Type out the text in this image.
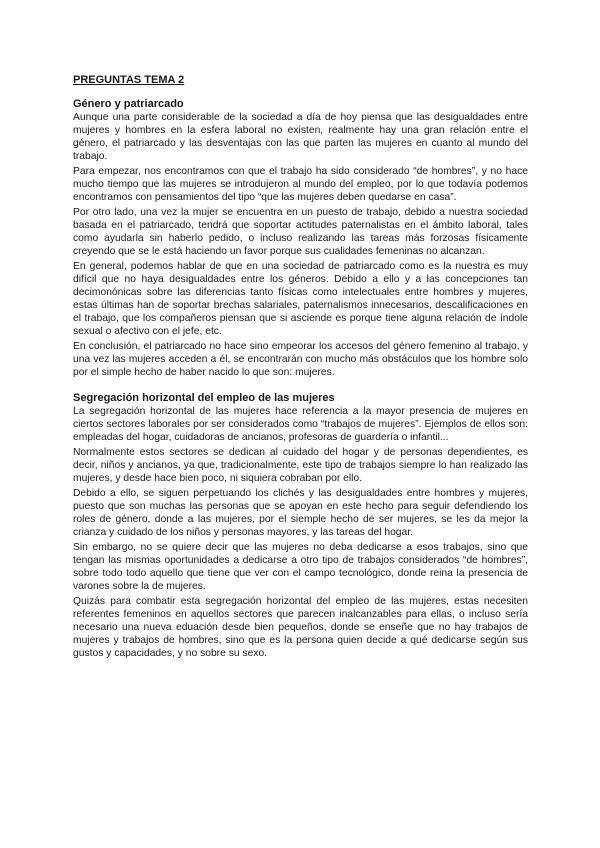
PREGUNTAS TEMA 2
Género y patriarcado

Aunque una parte considerable de la sociedad a día de hoy piensa que las desigualdades entre mujeres y hombres en la esfera laboral no existen, realmente hay una gran relación entre el género, el patriarcado y las desventajas con las que parten las mujeres en cuanto al mundo del trabajo.

Para empezar, nos encontramos con que el trabajo ha sido considerado “de hombres”, y no hace mucho tiempo que las mujeres se introdujeron al mundo del empleo, por lo que todavía podemos encontramos con pensamientos del tipo “que las mujeres deben quedarse en casa”.

Por otro lado, una vez la mujer se encuentra en un puesto de trabajo, debido a nuestra sociedad basada en el patriarcado, tendrá que soportar actitudes paternalistas en el ámbito laboral, tales como ayudarla sin haberlo pedido, o incluso realizando las tareas más forzosas físicamente creyendo que se le está haciendo un favor porque sus cualidades femeninas no alcanzan.

En general, podemos hablar de que en una sociedad de patriarcado como es la nuestra es muy difícil que no haya desigualdades entre los géneros. Debido a ello y a las concepciones tan decimonónicas sobre las diferencias tanto físicas como intelectuales entre hombres y mujeres, estas últimas han de soportar brechas salariales, paternalismos innecesarios, descalificaciones en el trabajo, que los compañeros piensan que si asciende es porque tiene alguna relación de índole sexual o afectivo con el jefe, etc.

En conclusión, el patriarcado no hace sino empeorar los accesos del género femenino al trabajo, y una vez las mujeres acceden a él, se encontrarán con mucho más obstáculos que los hombre solo por el simple hecho de haber nacido lo que son: mujeres.

Segregación horizontal del empleo de las mujeres

La segregación horizontal de las mujeres hace referencia a la mayor presencia de mujeres en ciertos sectores laborales por ser considerados como “trabajos de mujeres”. Ejemplos de ellos son: empleadas del hogar, cuidadoras de ancianos, profesoras de guardería o infantil...

Normalmente estos sectores se dedican al cuidado del hogar y de personas dependientes, es decir, niños y ancianos, ya que, tradicionalmente, este tipo de trabajos siempre lo han realizado las mujeres, y desde hace bien poco, ni siquiera cobraban por ello.

Debido a ello, se siguen perpetuando los clichés y las desigualdades entre hombres y mujeres, puesto que son muchas las personas que se apoyan en este hecho para seguir defendiendo los roles de género, donde a las mujeres, por el siemple hecho de ser mujeres, se les da mejor la crianza y cuidado de los niños y personas mayores, y las tareas del hogar.

Sin embargo, no se quiere decir que las mujeres no deba dedicarse a esos trabajos, sino que tengan las mismas oportunidades a dedicarse a otro tipo de trabajos considerados “de hombres”, sobre todo todo aquello que tiene que ver con el campo tecnológico, donde reina la presencia de varones sobre la de mujeres.

Quizás para combatir esta segregación horizontal del empleo de las mujeres, estas necesiten referentes femeninos en aquellos sectores que parecen inalcanzables para ellas, o incluso sería necesario una nueva eduación desde bien pequeños, donde se enseñe que no hay trabajos de mujeres y trabajos de hombres, sino que es la persona quien decide a qué dedicarse según sus gustos y capacidades, y no sobre su sexo.
